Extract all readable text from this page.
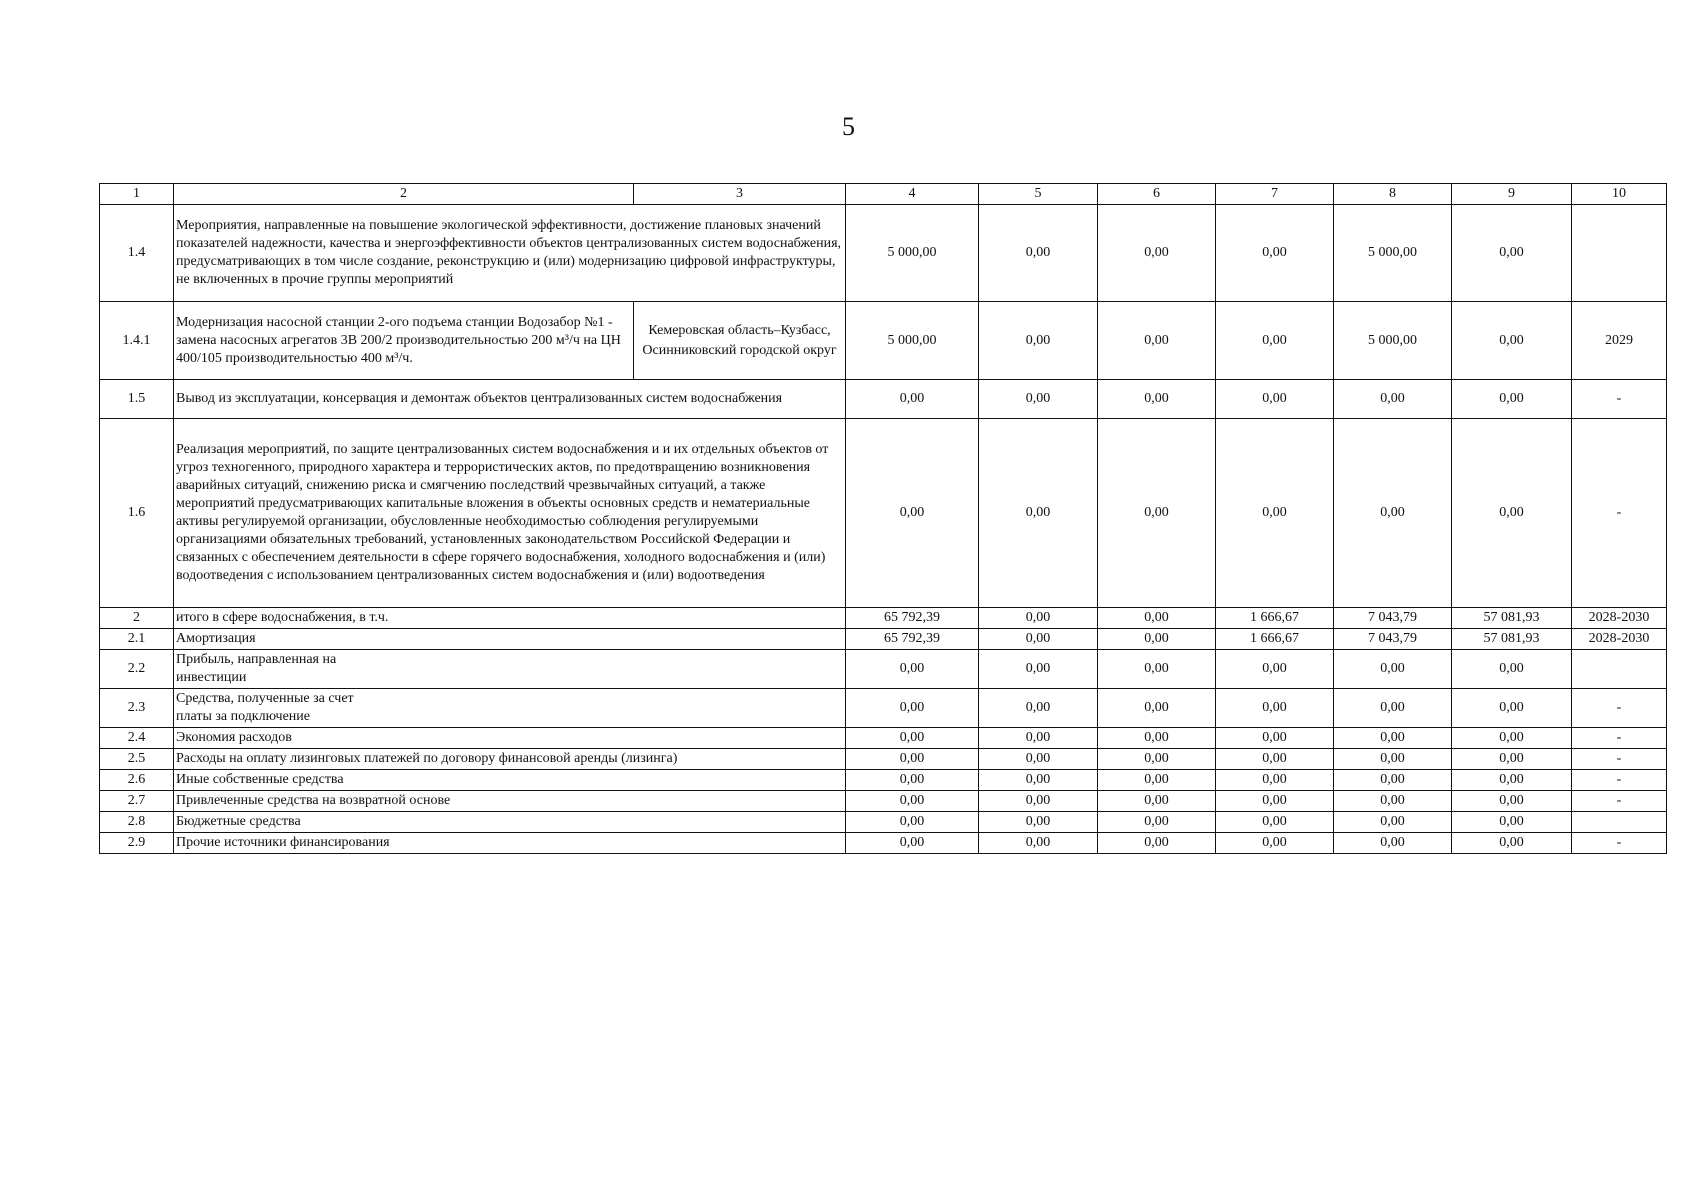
5
1	2	3	4	5	6	7	8	9	10
1.4	Мероприятия, направленные на повышение экологической эффективности, достижение плановых значений показателей надежности, качества и энергоэффективности объектов централизованных систем водоснабжения, предусматривающих в том числе создание, реконструкцию и (или) модернизацию цифровой инфраструктуры, не включенных в прочие группы мероприятий		5 000,00	0,00	0,00	0,00	5 000,00	0,00	
1.4.1	Модернизация насосной станции 2-ого подъема станции Водозабор №1 - замена насосных агрегатов 3В 200/2 производительностью 200 м³/ч на ЦН 400/105 производительностью 400 м³/ч.	Кемеровская область–Кузбасс, Осинниковский городской округ	5 000,00	0,00	0,00	0,00	5 000,00	0,00	2029
1.5	Вывод из эксплуатации, консервация и демонтаж объектов централизованных систем водоснабжения		0,00	0,00	0,00	0,00	0,00	0,00	-
1.6	Реализация мероприятий, по защите централизованных систем водоснабжения и и их отдельных объектов от угроз техногенного, природного характера и террористических актов, по предотвращению возникновения аварийных ситуаций, снижению риска и смягчению последствий чрезвычайных ситуаций, а также мероприятий предусматривающих капитальные вложения в объекты основных средств и нематериальные активы регулируемой организации, обусловленные необходимостью соблюдения регулируемыми организациями обязательных требований, установленных законодательством Российской Федерации и связанных с обеспечением деятельности в сфере горячего водоснабжения, холодного водоснабжения и (или) водоотведения с использованием централизованных систем водоснабжения и (или) водоотведения		0,00	0,00	0,00	0,00	0,00	0,00	-
2	итого в сфере водоснабжения, в т.ч.		65 792,39	0,00	0,00	1 666,67	7 043,79	57 081,93	2028-2030
2.1	Амортизация		65 792,39	0,00	0,00	1 666,67	7 043,79	57 081,93	2028-2030
2.2	Прибыль, направленная на инвестиции		0,00	0,00	0,00	0,00	0,00	0,00	
2.3	Средства, полученные за счет платы за подключение		0,00	0,00	0,00	0,00	0,00	0,00	-
2.4	Экономия расходов		0,00	0,00	0,00	0,00	0,00	0,00	-
2.5	Расходы на оплату лизинговых платежей по договору финансовой аренды (лизинга)		0,00	0,00	0,00	0,00	0,00	0,00	-
2.6	Иные собственные средства		0,00	0,00	0,00	0,00	0,00	0,00	-
2.7	Привлеченные средства на возвратной основе		0,00	0,00	0,00	0,00	0,00	0,00	-
2.8	Бюджетные средства		0,00	0,00	0,00	0,00	0,00	0,00	
2.9	Прочие источники финансирования		0,00	0,00	0,00	0,00	0,00	0,00	-
